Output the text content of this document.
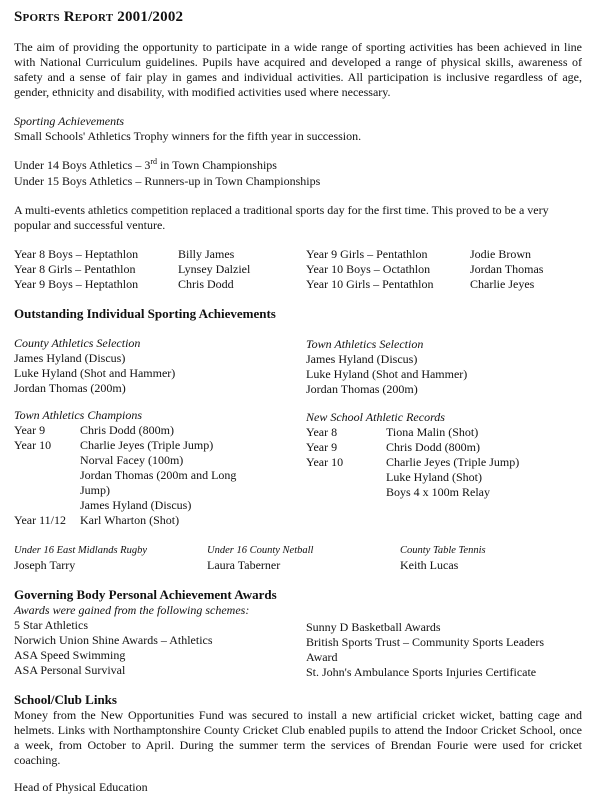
Sports Report 2001/2002
The aim of providing the opportunity to participate in a wide range of sporting activities has been achieved in line with National Curriculum guidelines. Pupils have acquired and developed a range of physical skills, awareness of safety and a sense of fair play in games and individual activities. All participation is inclusive regardless of age, gender, ethnicity and disability, with modified activities used where necessary.
Sporting Achievements
Small Schools' Athletics Trophy winners for the fifth year in succession.
Under 14 Boys Athletics – 3rd in Town Championships
Under 15 Boys Athletics – Runners-up in Town Championships
A multi-events athletics competition replaced a traditional sports day for the first time. This proved to be a very popular and successful venture.
Year 8 Boys – Heptathlon	Billy James
Year 8 Girls – Pentathlon	Lynsey Dalziel
Year 9 Boys – Heptathlon	Chris Dodd
Year 9 Girls – Pentathlon	Jodie Brown
Year 10 Boys – Octathlon	Jordan Thomas
Year 10 Girls – Pentathlon	Charlie Jeyes
Outstanding Individual Sporting Achievements
County Athletics Selection
James Hyland (Discus)
Luke Hyland (Shot and Hammer)
Jordan Thomas (200m)
Town Athletics Selection
James Hyland (Discus)
Luke Hyland (Shot and Hammer)
Jordan Thomas (200m)
Town Athletics Champions
Year 9	Chris Dodd (800m)
Year 10 Charlie Jeyes (Triple Jump)
Norval Facey (100m)
Jordan Thomas (200m and Long
Jump)
James Hyland (Discus)
Year 11/12 Karl Wharton (Shot)
New School Athletic Records
Year 8	Tiona Malin (Shot)
Year 9	Chris Dodd (800m)
Year 10	Charlie Jeyes (Triple Jump)
Luke Hyland (Shot)
Boys 4 x 100m Relay
Under 16 East Midlands Rugby
Joseph Tarry
Under 16 County Netball
Laura Taberner
County Table Tennis
Keith Lucas
Governing Body Personal Achievement Awards
Awards were gained from the following schemes:
5 Star Athletics
Norwich Union Shine Awards – Athletics
ASA Speed Swimming
ASA Personal Survival
Sunny D Basketball Awards
British Sports Trust – Community Sports Leaders
Award
St. John's Ambulance Sports Injuries Certificate
School/Club Links
Money from the New Opportunities Fund was secured to install a new artificial cricket wicket, batting cage and helmets. Links with Northamptonshire County Cricket Club enabled pupils to attend the Indoor Cricket School, once a week, from October to April. During the summer term the services of Brendan Fourie were used for cricket coaching.
Head of Physical Education
